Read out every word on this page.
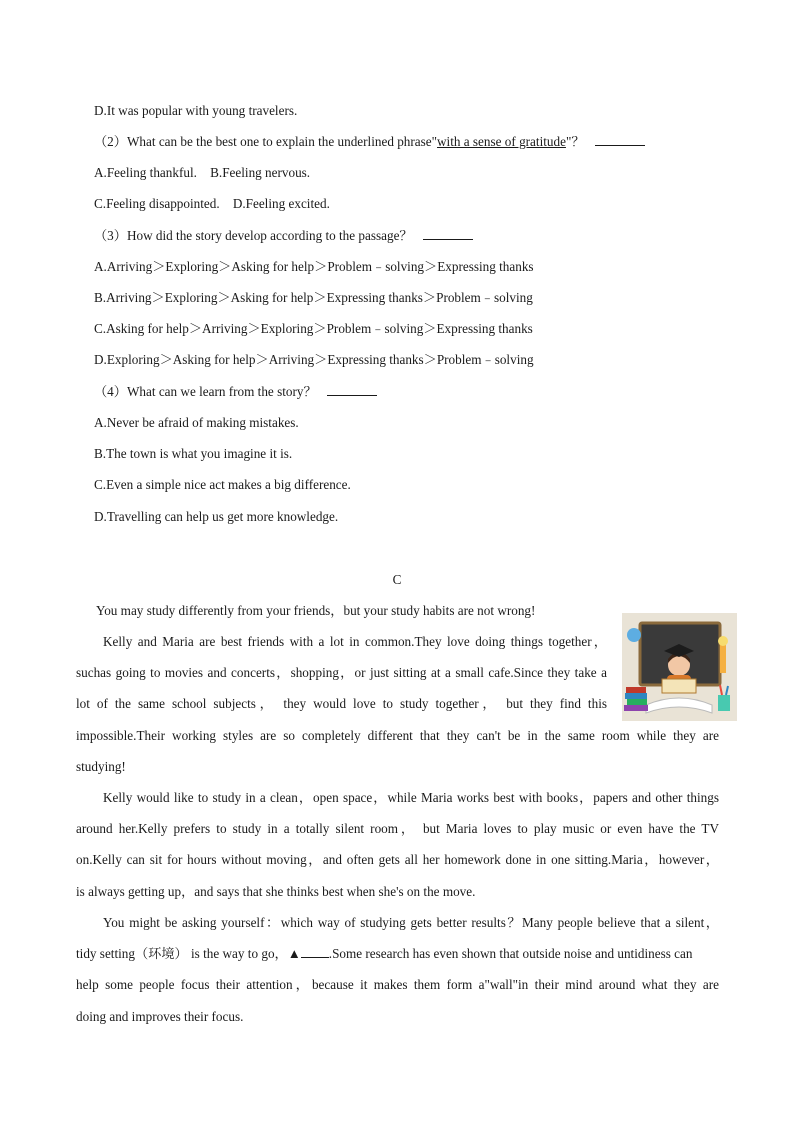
D.It was popular with young travelers.
（2）What can be the best one to explain the underlined phrase"with a sense of gratitude"？
A.Feeling thankful.    B.Feeling nervous.
C.Feeling disappointed.    D.Feeling excited.
（3）How did the story develop according to the passage？
A.Arriving＞Exploring＞Asking for help＞Problem﹣solving＞Expressing thanks
B.Arriving＞Exploring＞Asking for help＞Expressing thanks＞Problem﹣solving
C.Asking for help＞Arriving＞Exploring＞Problem﹣solving＞Expressing thanks
D.Exploring＞Asking for help＞Arriving＞Expressing thanks＞Problem﹣solving
（4）What can we learn from the story？
A.Never be afraid of making mistakes.
B.The town is what you imagine it is.
C.Even a simple nice act makes a big difference.
D.Travelling can help us get more knowledge.
C
You may study differently from your friends，but your study habits are not wrong!
Kelly and Maria are best friends with a lot in common.They love doing things together，
suchas going to movies and concerts，shopping，or just sitting at a small cafe.Since they take a
lot of the same school subjects， they would love to study together， but they find this
impossible.Their working styles are so completely different that they can't be in the same room while they are
studying!
Kelly would like to study in a clean，open space，while Maria works best with books，papers and other things
around her.Kelly prefers to study in a totally silent room， but Maria loves to play music or even have the TV
on.Kelly can sit for hours without moving，and often gets all her homework done in one sitting.Maria，however，
is always getting up，and says that she thinks best when she's on the move.
You might be asking yourself：which way of studying gets better results？Many people believe that a silent，
tidy setting（环境） is the way to go，▲ .Some research has even shown that outside noise and untidiness can
help some people focus their attention，because it makes them form a"wall"in their mind around what they are
doing and improves their focus.
